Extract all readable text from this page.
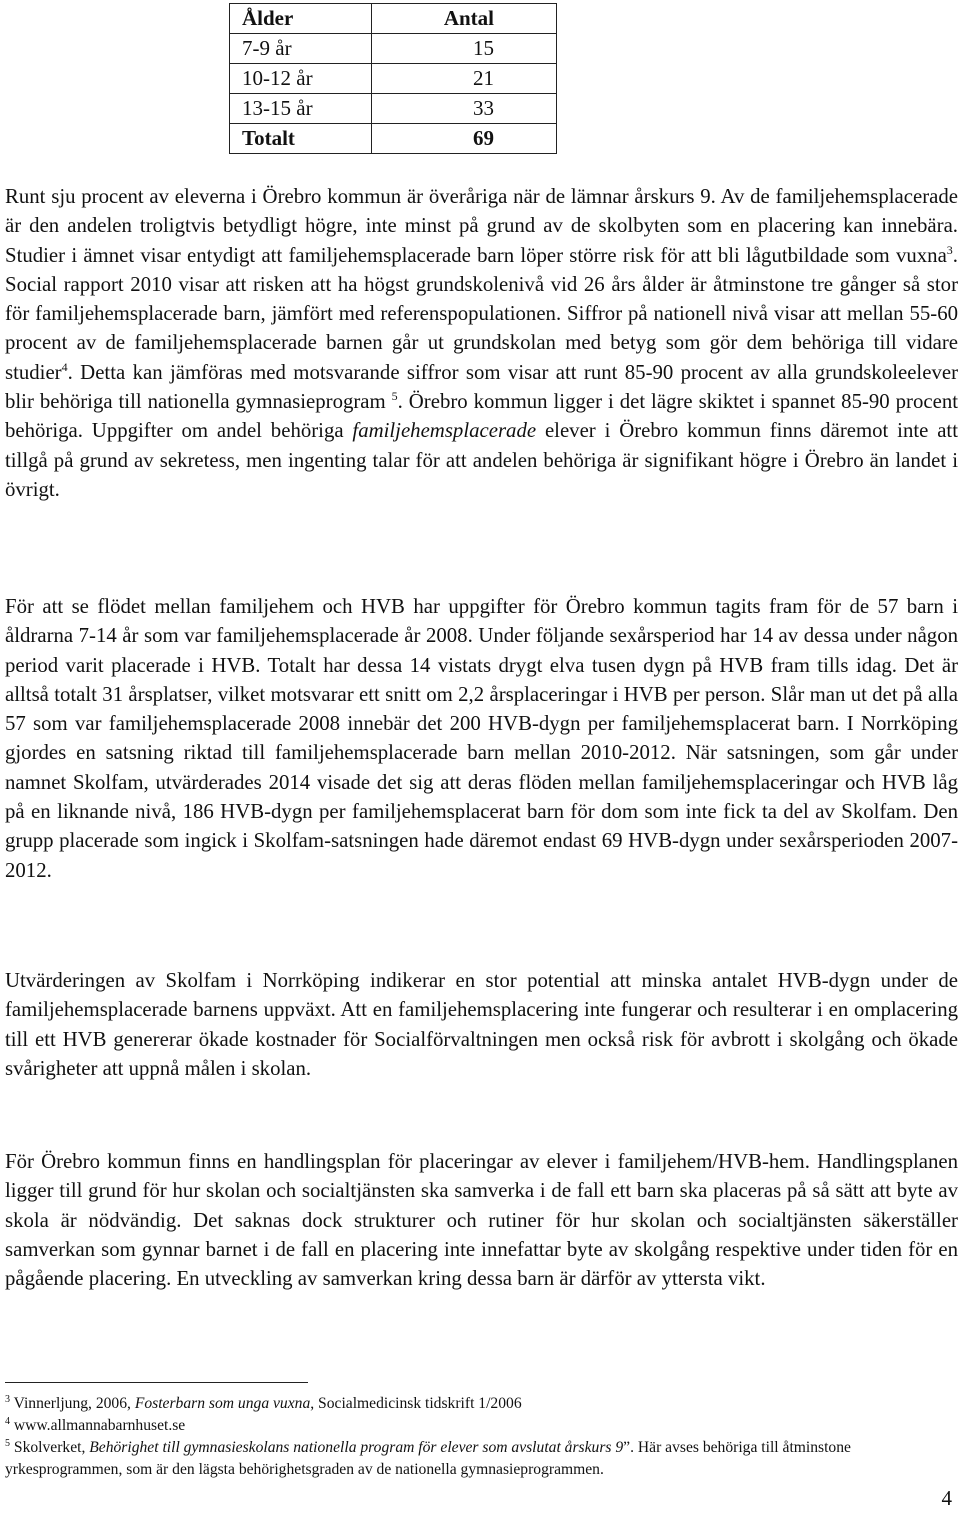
Ålder	Antal
7-9 år	15
10-12 år	21
13-15 år	33
Totalt	69

Runt sju procent av eleverna i Örebro kommun är överåriga när de lämnar årskurs 9. Av de familjehemsplacerade är den andelen troligtvis betydligt högre, inte minst på grund av de skolbyten som en placering kan innebära. Studier i ämnet visar entydigt att familjehemsplacerade barn löper större risk för att bli lågutbildade som vuxna$^3$. Social rapport 2010 visar att risken att ha högst grundskolenivå vid 26 års ålder är åtminstone tre gånger så stor för familjehemsplacerade barn, jämfört med referenspopulationen. Siffror på nationell nivå visar att mellan 55-60 procent av de familjehemsplacerade barnen går ut grundskolan med betyg som gör dem behöriga till vidare studier$^4$. Detta kan jämföras med motsvarande siffror som visar att runt 85-90 procent av alla grundskoleelever blir behöriga till nationella gymnasieprogram $^5$. Örebro kommun ligger i det lägre skiktet i spannet 85-90 procent behöriga. Uppgifter om andel behöriga familjehemsplacerade elever i Örebro kommun finns däremot inte att tillgå på grund av sekretess, men ingenting talar för att andelen behöriga är signifikant högre i Örebro än landet i övrigt.

För att se flödet mellan familjehem och HVB har uppgifter för Örebro kommun tagits fram för de 57 barn i åldrarna 7-14 år som var familjehemsplacerade år 2008. Under följande sexårsperiod har 14 av dessa under någon period varit placerade i HVB. Totalt har dessa 14 vistats drygt elva tusen dygn på HVB fram tills idag. Det är alltså totalt 31 årsplatser, vilket motsvarar ett snitt om 2,2 årsplaceringar i HVB per person. Slår man ut det på alla 57 som var familjehemsplacerade 2008 innebär det 200 HVB-dygn per familjehemsplacerat barn. I Norrköping gjordes en satsning riktad till familjehemsplacerade barn mellan 2010-2012. När satsningen, som går under namnet Skolfam, utvärderades 2014 visade det sig att deras flöden mellan familjehemsplaceringar och HVB låg på en liknande nivå, 186 HVB-dygn per familjehemsplacerat barn för dom som inte fick ta del av Skolfam. Den grupp placerade som ingick i Skolfam-satsningen hade däremot endast 69 HVB-dygn under sexårsperioden 2007-2012.

Utvärderingen av Skolfam i Norrköping indikerar en stor potential att minska antalet HVB-dygn under de familjehemsplacerade barnens uppväxt. Att en familjehemsplacering inte fungerar och resulterar i en omplacering till ett HVB genererar ökade kostnader för Socialförvaltningen men också risk för avbrott i skolgång och ökade svårigheter att uppnå målen i skolan.

För Örebro kommun finns en handlingsplan för placeringar av elever i familjehem/HVB-hem. Handlingsplanen ligger till grund för hur skolan och socialtjänsten ska samverka i de fall ett barn ska placeras på så sätt att byte av skola är nödvändig. Det saknas dock strukturer och rutiner för hur skolan och socialtjänsten säkerställer samverkan som gynnar barnet i de fall en placering inte innefattar byte av skolgång respektive under tiden för en pågående placering. En utveckling av samverkan kring dessa barn är därför av yttersta vikt.

$^3$ Vinnerljung, 2006, Fosterbarn som unga vuxna, Socialmedicinsk tidskrift 1/2006

$^4$ www.allmannabarnhuset.se

$^5$ Skolverket, Behörighet till gymnasieskolans nationella program för elever som avslutat årskurs 9”. Här avses behöriga till åtminstone yrkesprogrammen, som är den lägsta behörighetsgraden av de nationella gymnasieprogrammen.

4
